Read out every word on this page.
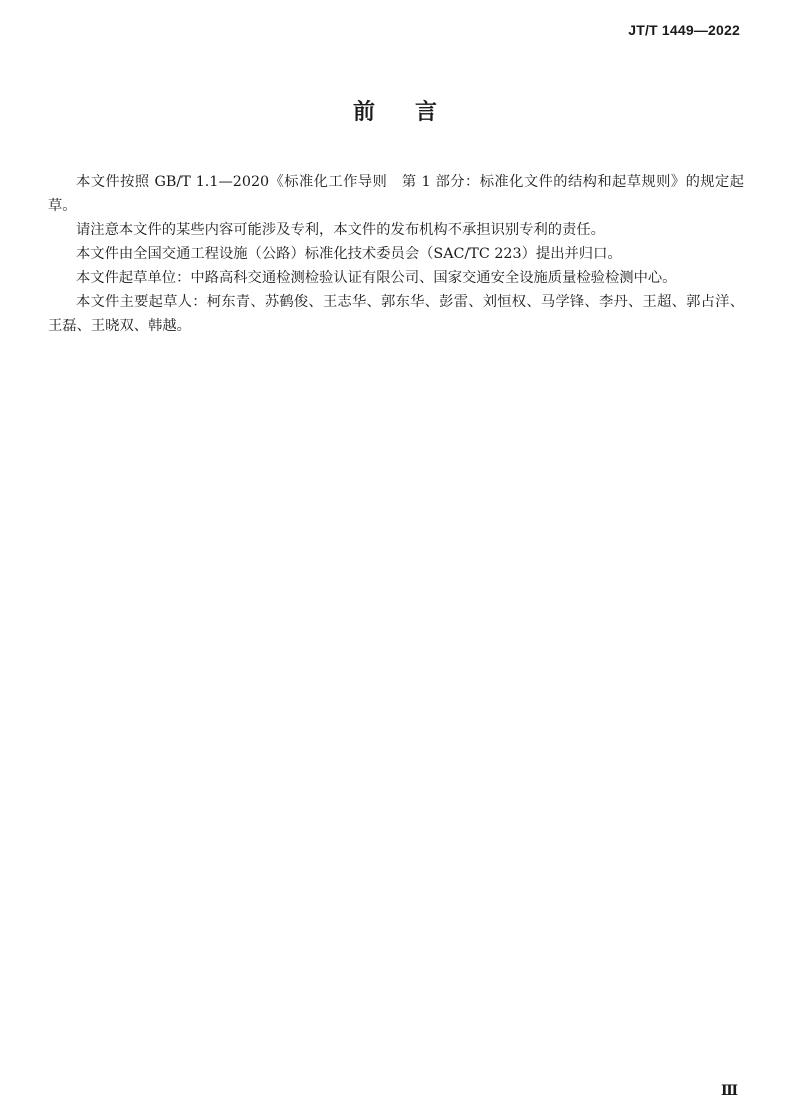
JT/T 1449—2022
前言

本文件按照 GB/T 1.1—2020《标准化工作导则　第 1 部分：标准化文件的结构和起草规则》的规定起草。

请注意本文件的某些内容可能涉及专利，本文件的发布机构不承担识别专利的责任。

本文件由全国交通工程设施（公路）标准化技术委员会（SAC/TC 223）提出并归口。

本文件起草单位：中路高科交通检测检验认证有限公司、国家交通安全设施质量检验检测中心。

本文件主要起草人：柯东青、苏鹤俊、王志华、郭东华、彭雷、刘恒权、马学锋、李丹、王超、郭占洋、王磊、王晓双、韩越。

Ⅲ
